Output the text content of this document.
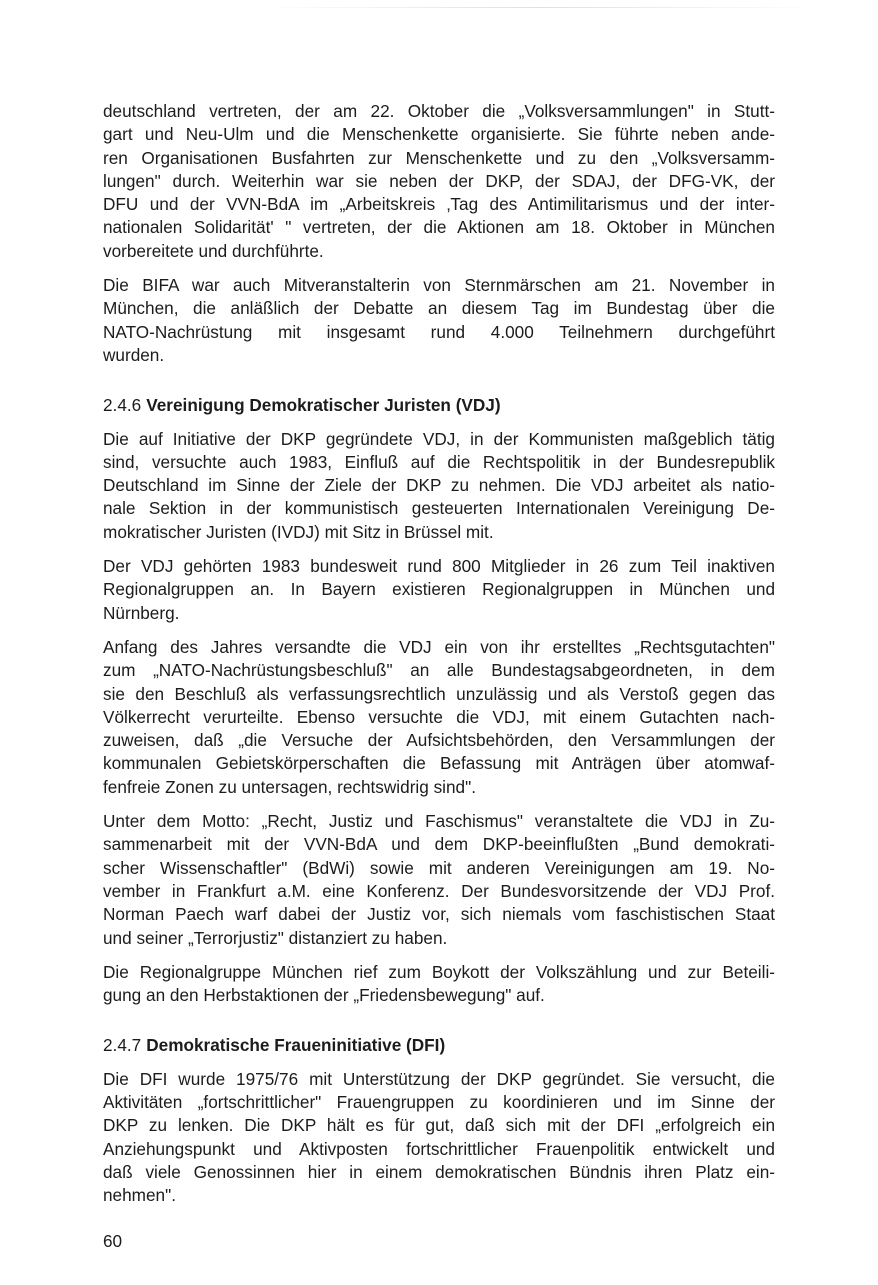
deutschland vertreten, der am 22. Oktober die „Volksversammlungen" in Stutt-
gart und Neu-Ulm und die Menschenkette organisierte. Sie führte neben ande-
ren Organisationen Busfahrten zur Menschenkette und zu den „Volksversamm-
lungen" durch. Weiterhin war sie neben der DKP, der SDAJ, der DFG-VK, der
DFU und der VVN-BdA im „Arbeitskreis ‚Tag des Antimilitarismus und der inter-
nationalen Solidarität' " vertreten, der die Aktionen am 18. Oktober in München
vorbereitete und durchführte.
Die BIFA war auch Mitveranstalterin von Sternmärschen am 21. November in
München, die anläßlich der Debatte an diesem Tag im Bundestag über die
NATO-Nachrüstung mit insgesamt rund 4.000 Teilnehmern durchgeführt
wurden.
2.4.6 Vereinigung Demokratischer Juristen (VDJ)
Die auf Initiative der DKP gegründete VDJ, in der Kommunisten maßgeblich tätig
sind, versuchte auch 1983, Einfluß auf die Rechtspolitik in der Bundesrepublik
Deutschland im Sinne der Ziele der DKP zu nehmen. Die VDJ arbeitet als natio-
nale Sektion in der kommunistisch gesteuerten Internationalen Vereinigung De-
mokratischer Juristen (IVDJ) mit Sitz in Brüssel mit.
Der VDJ gehörten 1983 bundesweit rund 800 Mitglieder in 26 zum Teil inaktiven
Regionalgruppen an. In Bayern existieren Regionalgruppen in München und
Nürnberg.
Anfang des Jahres versandte die VDJ ein von ihr erstelltes „Rechtsgutachten"
zum „NATO-Nachrüstungsbeschluß" an alle Bundestagsabgeordneten, in dem
sie den Beschluß als verfassungsrechtlich unzulässig und als Verstoß gegen das
Völkerrecht verurteilte. Ebenso versuchte die VDJ, mit einem Gutachten nach-
zuweisen, daß „die Versuche der Aufsichtsbehörden, den Versammlungen der
kommunalen Gebietskörperschaften die Befassung mit Anträgen über atomwaf-
fenfreie Zonen zu untersagen, rechtswidrig sind".
Unter dem Motto: „Recht, Justiz und Faschismus" veranstaltete die VDJ in Zu-
sammenarbeit mit der VVN-BdA und dem DKP-beeinflußten „Bund demokrati-
scher Wissenschaftler" (BdWi) sowie mit anderen Vereinigungen am 19. No-
vember in Frankfurt a.M. eine Konferenz. Der Bundesvorsitzende der VDJ Prof.
Norman Paech warf dabei der Justiz vor, sich niemals vom faschistischen Staat
und seiner „Terrorjustiz" distanziert zu haben.
Die Regionalgruppe München rief zum Boykott der Volkszählung und zur Beteili-
gung an den Herbstaktionen der „Friedensbewegung" auf.
2.4.7 Demokratische Fraueninitiative (DFI)
Die DFI wurde 1975/76 mit Unterstützung der DKP gegründet. Sie versucht, die
Aktivitäten „fortschrittlicher" Frauengruppen zu koordinieren und im Sinne der
DKP zu lenken. Die DKP hält es für gut, daß sich mit der DFI „erfolgreich ein
Anziehungspunkt und Aktivposten fortschrittlicher Frauenpolitik entwickelt und
daß viele Genossinnen hier in einem demokratischen Bündnis ihren Platz ein-
nehmen".
60
